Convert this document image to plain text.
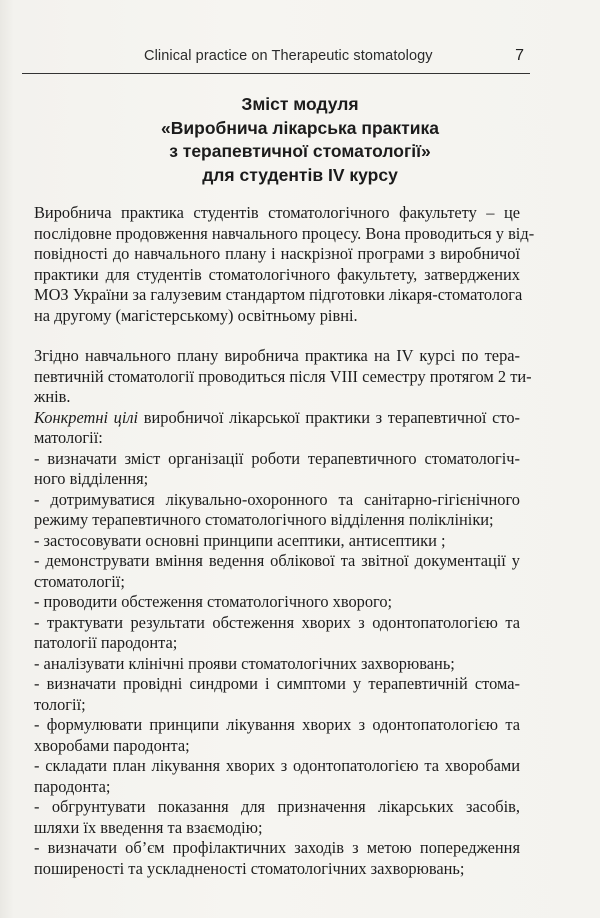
Clinical practice on Therapeutic stomatology	7
Зміст модуля
«Виробнича лікарська практика
з терапевтичної стоматології»
для студентів IV курсу
Виробнича практика студентів стоматологічного факультету – це
послідовне продовження навчального процесу. Вона проводиться у від-
повідності до навчального плану і наскрізної програми з виробничої
практики для студентів стоматологічного факультету, затверджених
МОЗ України за галузевим стандартом підготовки лікаря-стоматолога
на другому (магістерському) освітньому рівні.
Згідно навчального плану виробнича практика на IV курсі по тера-
певтичній стоматології проводиться після VIII семестру протягом 2 ти-
жнів.
Конкретні цілі виробничої лікарської практики з терапевтичної сто-
матології:
- визначати зміст організації роботи терапевтичного стоматологіч-
ного відділення;
- дотримуватися лікувально-охоронного та санітарно-гігієнічного
режиму терапевтичного стоматологічного відділення поліклініки;
- застосовувати основні принципи асептики, антисептики ;
- демонструвати вміння ведення облікової та звітної документації у
стоматології;
- проводити обстеження стоматологічного хворого;
- трактувати результати обстеження хворих з одонтопатологією та
патології пародонта;
- аналізувати клінічні прояви стоматологічних захворювань;
- визначати провідні синдроми і симптоми у терапевтичній стома-
тології;
- формулювати принципи лікування хворих з одонтопатологією та
хворобами пародонта;
- складати план лікування хворих з одонтопатологією та хворобами
пародонта;
- обгрунтувати показання для призначення лікарських засобів,
шляхи їх введення та взаємодію;
- визначати об’єм профілактичних заходів з метою попередження
поширеності та ускладненості стоматологічних захворювань;
